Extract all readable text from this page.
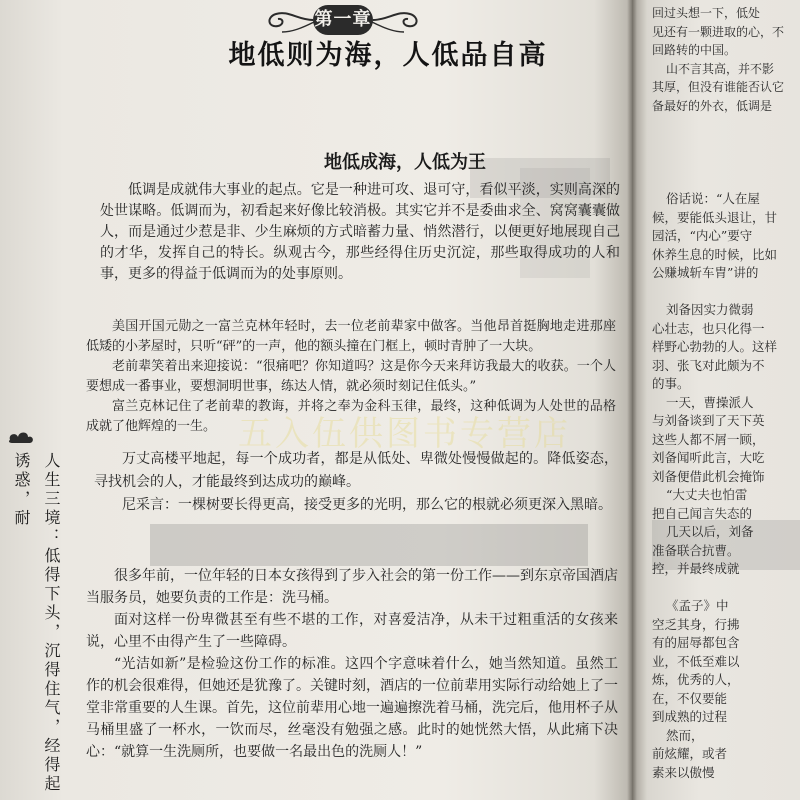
第一章
地低则为海，人低品自高
地低成海，人低为王

低调是成就伟大事业的起点。它是一种进可攻、退可守，看似平淡，实则高深的处世谋略。低调而为，初看起来好像比较消极。其实它并不是委曲求全、窝窝囊囊做人，而是通过少惹是非、少生麻烦的方式暗蓄力量、悄然潜行，以便更好地展现自己的才华，发挥自己的特长。纵观古今，那些经得住历史沉淀，那些取得成功的人和事，更多的得益于低调而为的处事原则。

美国开国元勋之一富兰克林年轻时，去一位老前辈家中做客。当他昂首挺胸地走进那座低矮的小茅屋时，只听“砰”的一声，他的额头撞在门框上，顿时青肿了一大块。

老前辈笑着出来迎接说：“很痛吧？你知道吗？这是你今天来拜访我最大的收获。一个人要想成一番事业，要想洞明世事，练达人情，就必须时刻记住低头。”

富兰克林记住了老前辈的教诲，并将之奉为金科玉律，最终，这种低调为人处世的品格成就了他辉煌的一生。 五入伍供图书专营店

万丈高楼平地起，每一个成功者，都是从低处、卑微处慢慢做起的。降低姿态，寻找机会的人，才能最终到达成功的巅峰。

尼采言：一棵树要长得更高，接受更多的光明，那么它的根就必须更深入黑暗。

很多年前，一位年轻的日本女孩得到了步入社会的第一份工作——到东京帝国酒店当服务员，她要负责的工作是：洗马桶。

面对这样一份卑微甚至有些不堪的工作，对喜爱洁净，从未干过粗重活的女孩来说，心里不由得产生了一些障碍。

“光洁如新”是检验这份工作的标准。这四个字意味着什么，她当然知道。虽然工作的机会很难得，但她还是犹豫了。关键时刻，酒店的一位前辈用实际行动给她上了一堂非常重要的人生课。首先，这位前辈用心地一遍遍擦洗着马桶，洗完后，他用杯子从马桶里盛了一杯水，一饮而尽，丝毫没有勉强之感。此时的她恍然大悟，从此痛下决心：“就算一生洗厕所，也要做一名最出色的洗厕人！”

人生三境：低得下头，沉得住气，经得起诱惑，耐
回过头想一下，低处
见还有一颗进取的心，不
回路转的中国。
山不言其高，并不影
其厚，但没有谁能否认它
备最好的外衣，低调是
俗话说：“人在屋
候，要能低头退让，甘
园活，“内心”要守
休养生息的时候，比如
公赚城斩车胄”讲的
刘备因实力微弱
心壮志，也只化得一
样野心勃勃的人。这样
羽、张飞对此颇为不
的事。
一天，曹操派人
与刘备谈到了天下英
这些人都不屑一顾，
刘备闻听此言，大吃
刘备便借此机会掩饰
“大丈夫也怕雷
把自己闻言失态的
几天以后，刘备
准备联合抗曹。
控，并最终成就
《孟子》中
空乏其身，行拂
有的屈辱都包含
业，不低至难以
炼，优秀的人，
在，不仅要能
到成熟的过程
然而，
前炫耀，或者
素来以傲慢
